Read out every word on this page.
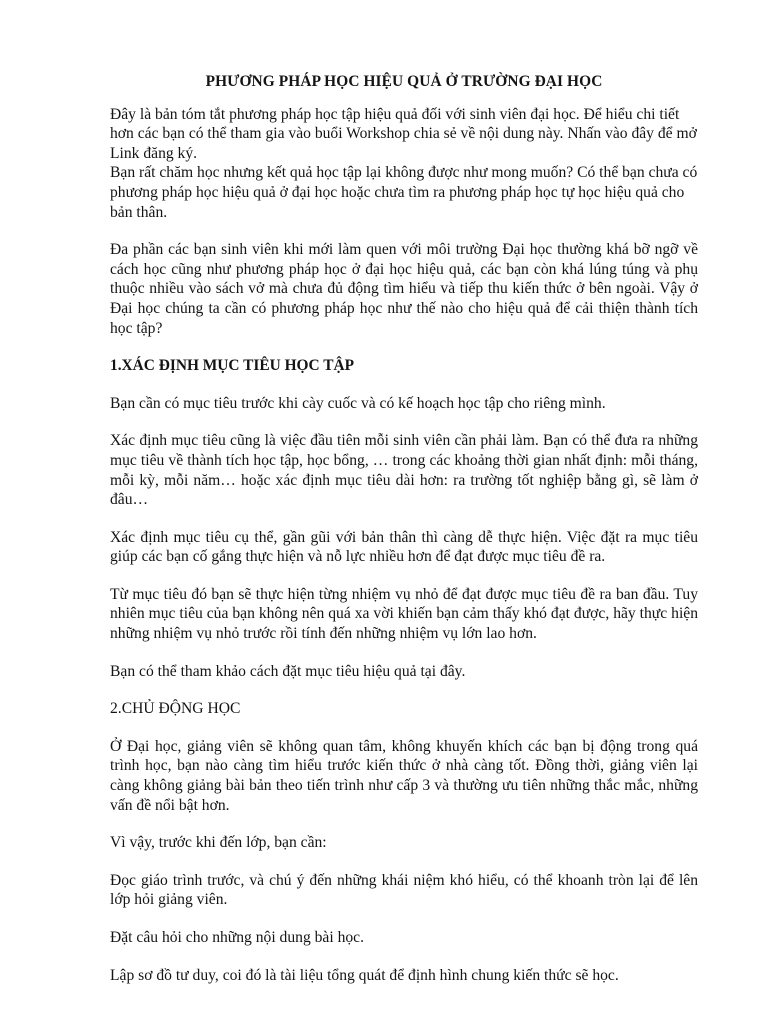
PHƯƠNG PHÁP HỌC HIỆU QUẢ Ở TRƯỜNG ĐẠI HỌC

Đây là bản tóm tắt phương pháp học tập hiệu quả đối với sinh viên đại học. Để hiểu chi tiết hơn các bạn có thể tham gia vào buổi Workshop chia sẻ về nội dung này. Nhấn vào đây để mở Link đăng ký.

Bạn rất chăm học nhưng kết quả học tập lại không được như mong muốn? Có thể bạn chưa có phương pháp học hiệu quả ở đại học hoặc chưa tìm ra phương pháp học tự học hiệu quả cho bản thân.

Đa phần các bạn sinh viên khi mới làm quen với môi trường Đại học thường khá bỡ ngỡ về cách học cũng như phương pháp học ở đại học hiệu quả, các bạn còn khá lúng túng và phụ thuộc nhiều vào sách vở mà chưa đủ động tìm hiểu và tiếp thu kiến thức ở bên ngoài. Vậy ở Đại học chúng ta cần có phương pháp học như thế nào cho hiệu quả để cải thiện thành tích học tập?

1.XÁC ĐỊNH MỤC TIÊU HỌC TẬP

Bạn cần có mục tiêu trước khi cày cuốc và có kế hoạch học tập cho riêng mình.

Xác định mục tiêu cũng là việc đầu tiên mỗi sinh viên cần phải làm. Bạn có thể đưa ra những mục tiêu về thành tích học tập, học bổng, … trong các khoảng thời gian nhất định: mỗi tháng, mỗi kỳ, mỗi năm… hoặc xác định mục tiêu dài hơn: ra trường tốt nghiệp bằng gì, sẽ làm ở đâu…

Xác định mục tiêu cụ thể, gần gũi với bản thân thì càng dễ thực hiện. Việc đặt ra mục tiêu giúp các bạn cố gắng thực hiện và nỗ lực nhiều hơn để đạt được mục tiêu đề ra.

Từ mục tiêu đó bạn sẽ thực hiện từng nhiệm vụ nhỏ để đạt được mục tiêu đề ra ban đầu. Tuy nhiên mục tiêu của bạn không nên quá xa vời khiến bạn cảm thấy khó đạt được, hãy thực hiện những nhiệm vụ nhỏ trước rồi tính đến những nhiệm vụ lớn lao hơn.

Bạn có thể tham khảo cách đặt mục tiêu hiệu quả tại đây.

2.CHỦ ĐỘNG HỌC

Ở Đại học, giảng viên sẽ không quan tâm, không khuyến khích các bạn bị động trong quá trình học, bạn nào càng tìm hiểu trước kiến thức ở nhà càng tốt. Đồng thời, giảng viên lại càng không giảng bài bản theo tiến trình như cấp 3 và thường ưu tiên những thắc mắc, những vấn đề nổi bật hơn.

Vì vậy, trước khi đến lớp, bạn cần:

Đọc giáo trình trước, và chú ý đến những khái niệm khó hiểu, có thể khoanh tròn lại để lên lớp hỏi giảng viên.

Đặt câu hỏi cho những nội dung bài học.

Lập sơ đồ tư duy, coi đó là tài liệu tổng quát để định hình chung kiến thức sẽ học.
